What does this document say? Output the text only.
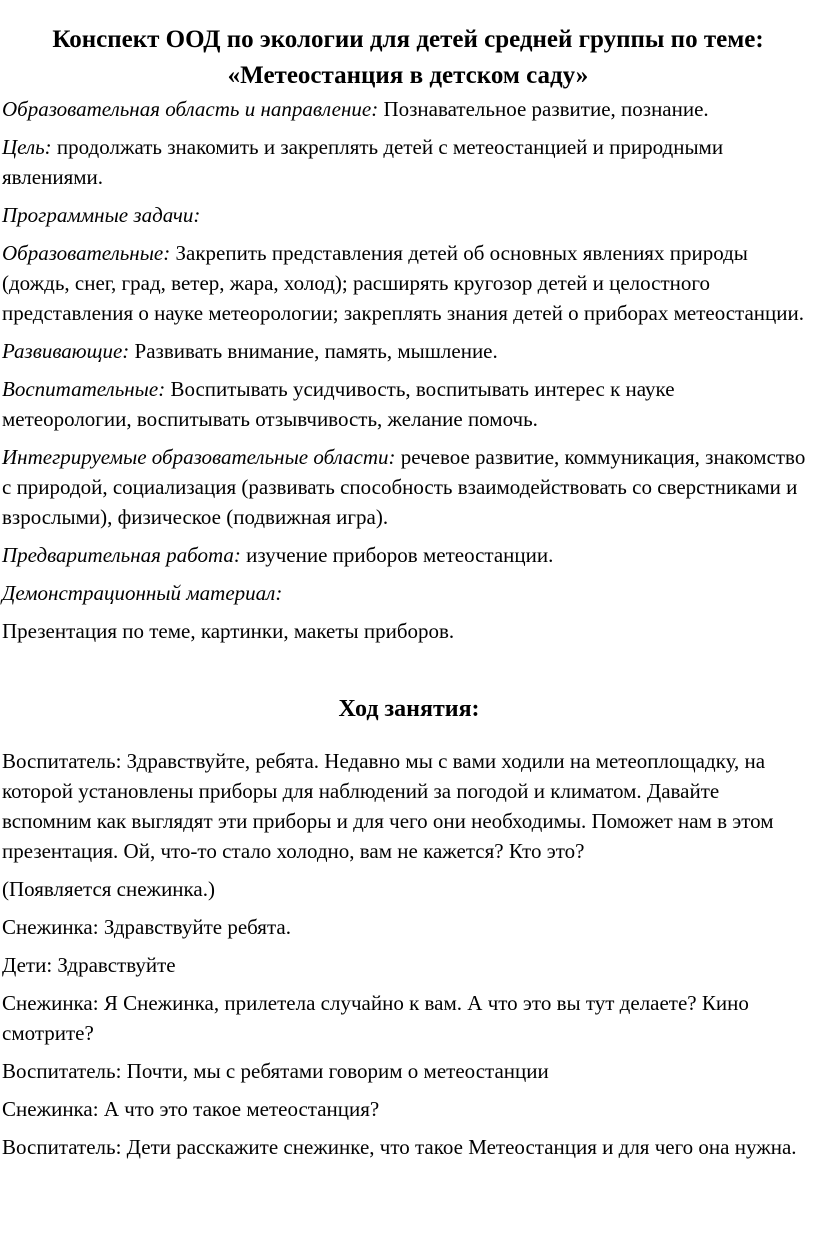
Конспект ООД по экологии для детей средней группы по теме:
«Метеостанция в детском саду»

Образовательная область и направление: Познавательное развитие, познание.

Цель: продолжать знакомить и закреплять детей с метеостанцией и природными явлениями.

Программные задачи:

Образовательные: Закрепить представления детей об основных явлениях природы (дождь, снег, град, ветер, жара, холод); расширять кругозор детей и целостного представления о науке метеорологии; закреплять знания детей о приборах метеостанции.

Развивающие: Развивать внимание, память, мышление.

Воспитательные: Воспитывать усидчивость, воспитывать интерес к науке метеорологии, воспитывать отзывчивость, желание помочь.

Интегрируемые образовательные области: речевое развитие, коммуникация, знакомство с природой, социализация (развивать способность взаимодействовать со сверстниками и взрослыми), физическое (подвижная игра).

Предварительная работа: изучение приборов метеостанции.

Демонстрационный материал:

Презентация по теме, картинки, макеты приборов.

Ход занятия:

Воспитатель: Здравствуйте, ребята. Недавно мы с вами ходили на метеоплощадку, на которой установлены приборы для наблюдений за погодой и климатом. Давайте вспомним как выглядят эти приборы и для чего они необходимы. Поможет нам в этом презентация. Ой, что-то стало холодно, вам не кажется? Кто это?

(Появляется снежинка.)

Снежинка: Здравствуйте ребята.

Дети: Здравствуйте

Снежинка: Я Снежинка, прилетела случайно к вам. А что это вы тут делаете? Кино смотрите?

Воспитатель: Почти, мы с ребятами говорим о метеостанции

Снежинка: А что это такое метеостанция?

Воспитатель: Дети расскажите снежинке, что такое Метеостанция и для чего она нужна.
